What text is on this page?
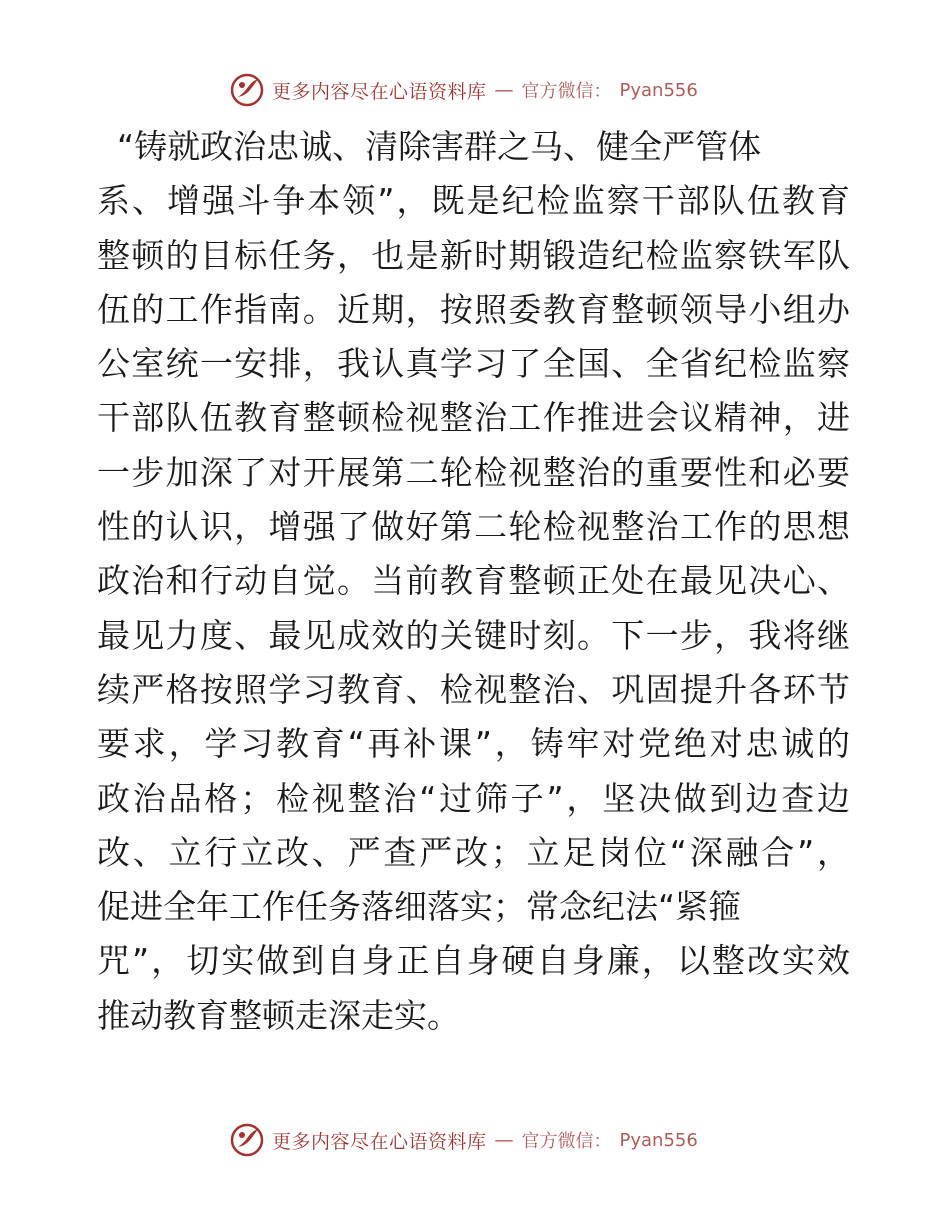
更多内容尽在心语资料库 — 官方微信： Pyan556
“铸就政治忠诚、清除害群之马、健全严管体
系、增强斗争本领”，既是纪检监察干部队伍教育
整顿的目标任务，也是新时期锻造纪检监察铁军队
伍的工作指南。近期，按照委教育整顿领导小组办
公室统一安排，我认真学习了全国、全省纪检监察
干部队伍教育整顿检视整治工作推进会议精神，进
一步加深了对开展第二轮检视整治的重要性和必要
性的认识，增强了做好第二轮检视整治工作的思想
政治和行动自觉。当前教育整顿正处在最见决心、
最见力度、最见成效的关键时刻。下一步，我将继
续严格按照学习教育、检视整治、巩固提升各环节
要求，学习教育“再补课”，铸牢对党绝对忠诚的
政治品格；检视整治“过筛子”，坚决做到边查边
改、立行立改、严查严改；立足岗位“深融合”，
促进全年工作任务落细落实；常念纪法“紧箍
咒”，切实做到自身正自身硬自身廉，以整改实效
推动教育整顿走深走实。
更多内容尽在心语资料库 — 官方微信： Pyan556
